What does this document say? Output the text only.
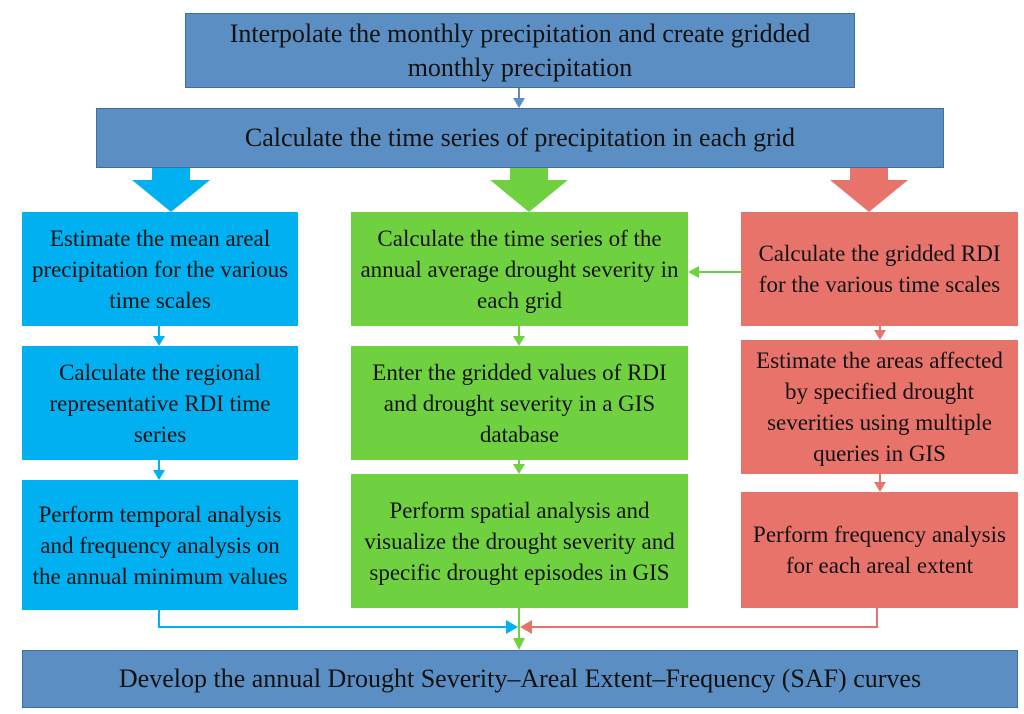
Interpolate the monthly precipitation and create gridded monthly precipitation
Calculate the time series of precipitation in each grid
Estimate the mean areal precipitation for the various time scales
Calculate the regional representative RDI time series
Perform temporal analysis and frequency analysis on the annual minimum values
Calculate the time series of the annual average drought severity in each grid
Enter the gridded values of RDI and drought severity in a GIS database
Perform spatial analysis and visualize the drought severity and specific drought episodes in GIS
Calculate the gridded RDI for the various time scales
Estimate the areas affected by specified drought severities using multiple queries in GIS
Perform frequency analysis for each areal extent
Develop the annual Drought Severity–Areal Extent–Frequency (SAF) curves
